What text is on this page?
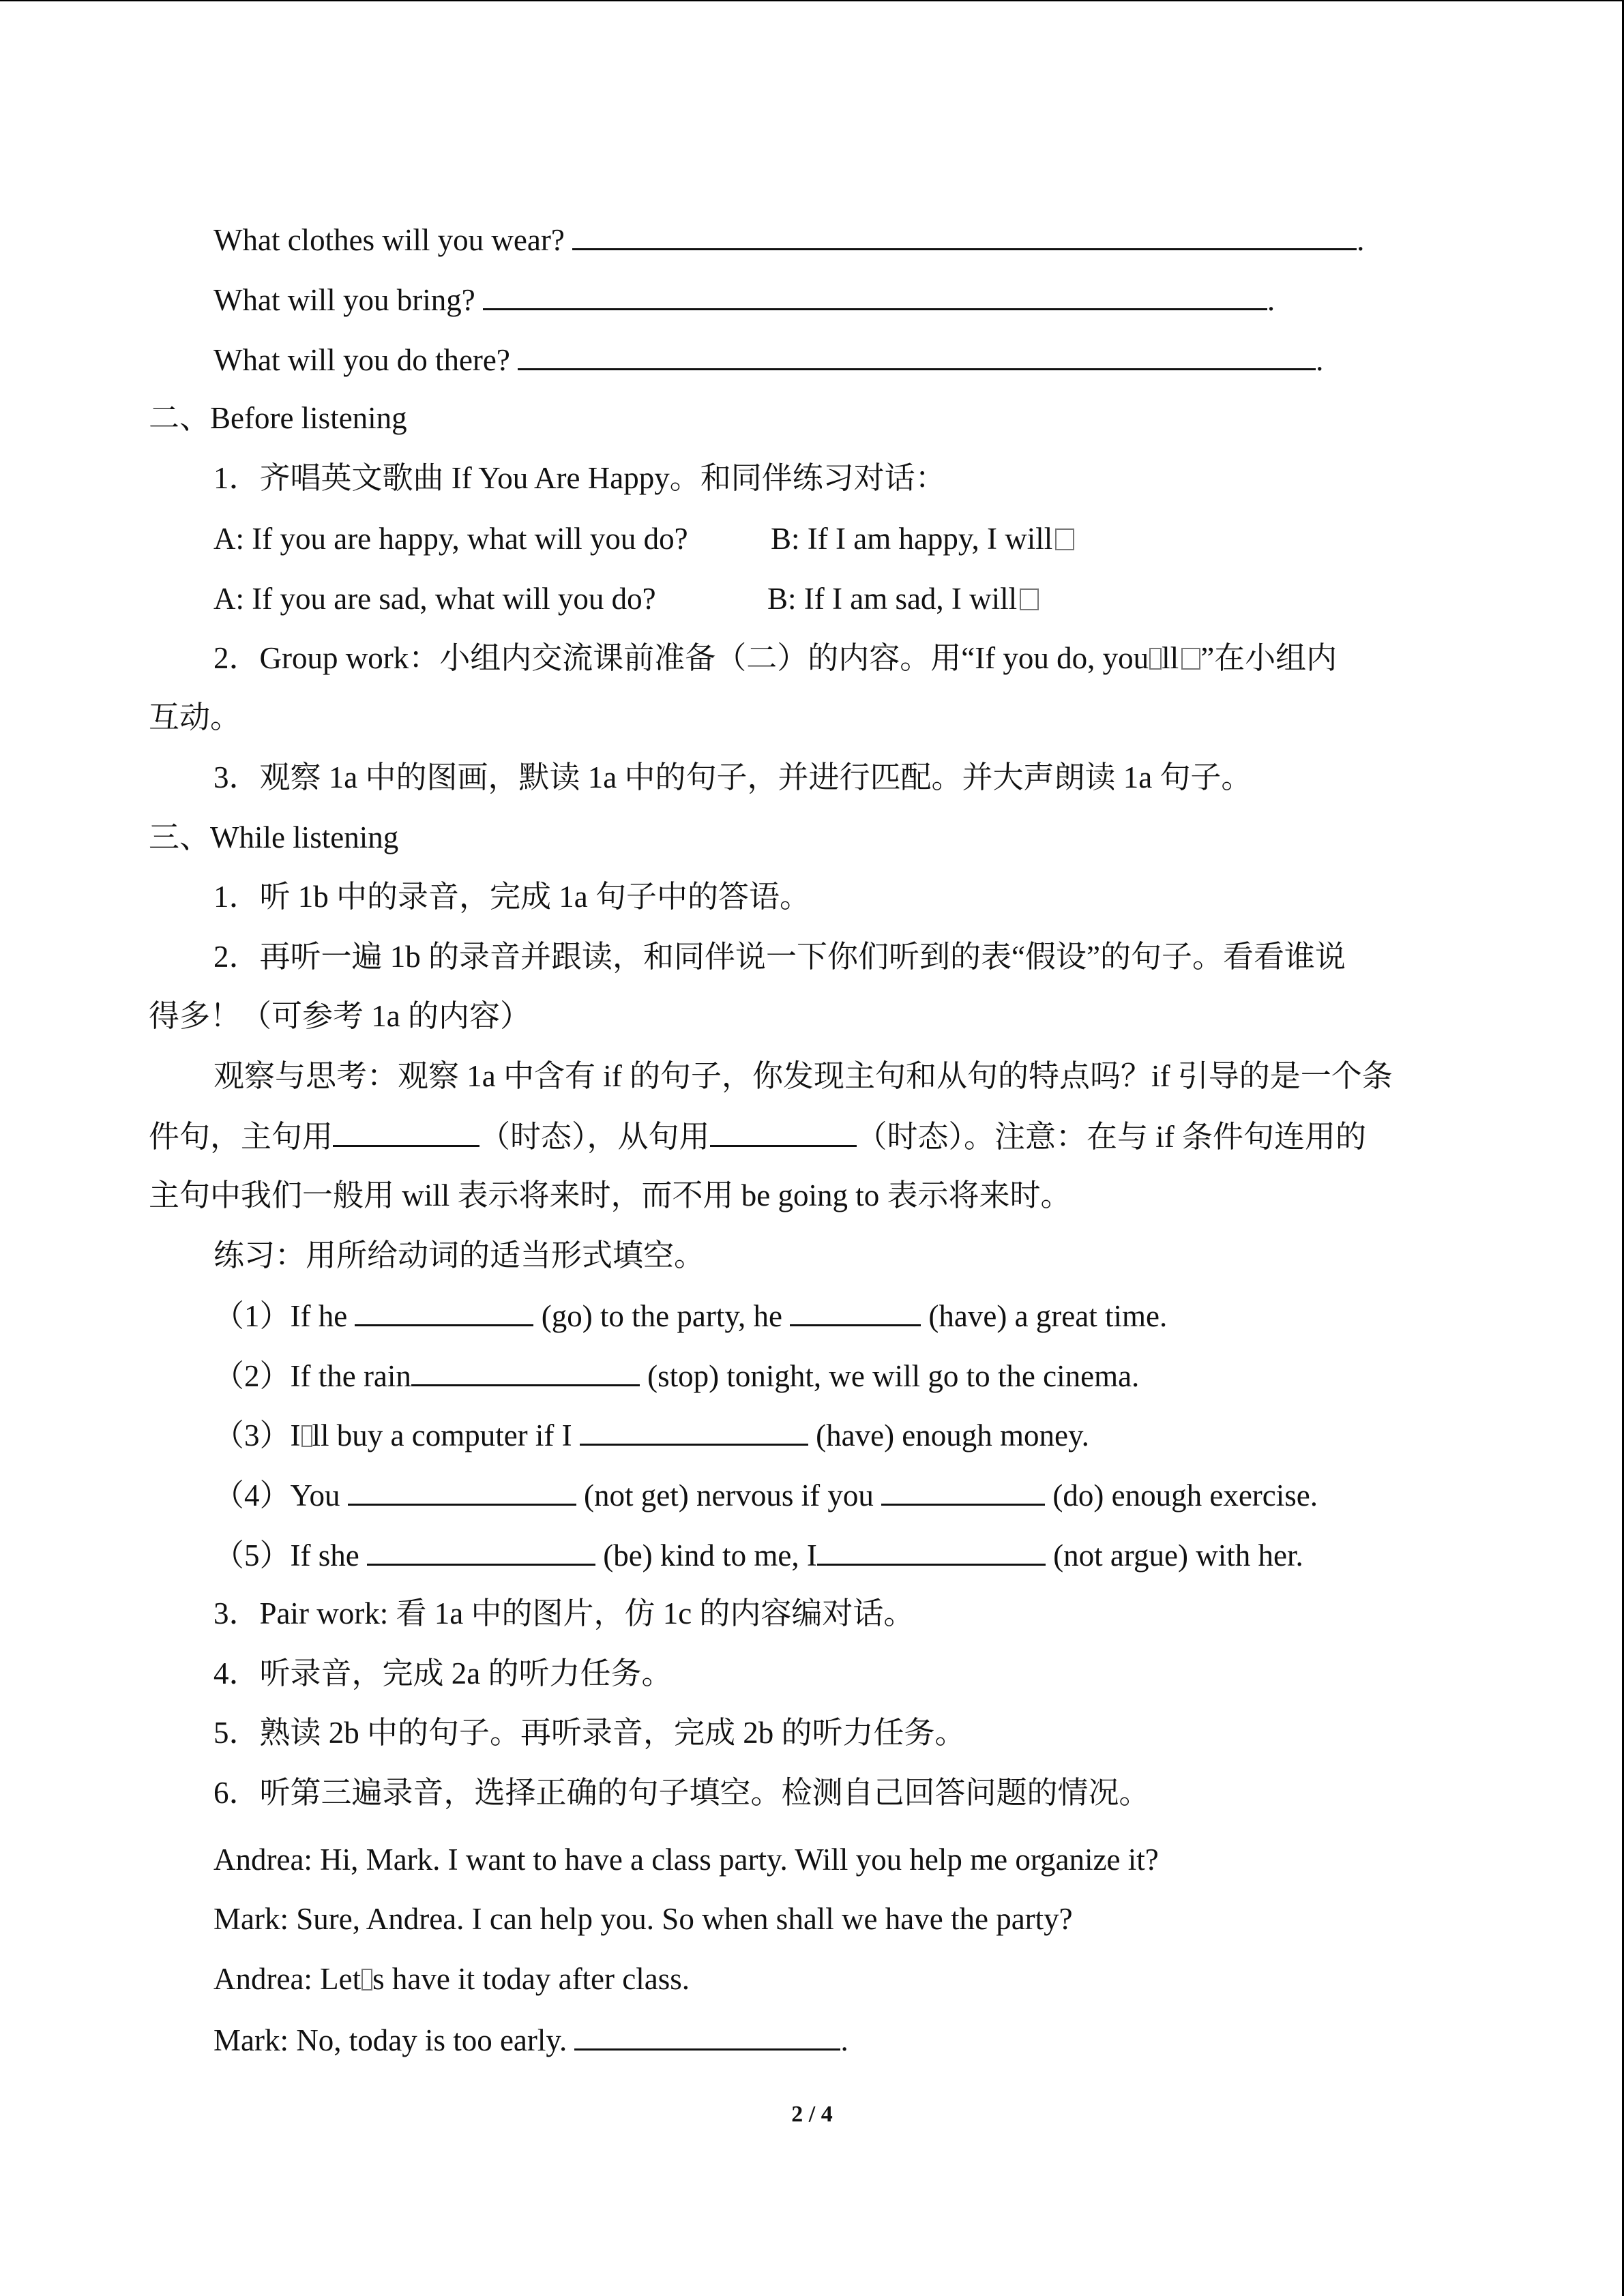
What clothes will you wear?	.
What will you bring?	.
What will you do there?	.
二、Before listening
1．齐唱英文歌曲 If You Are Happy。和同伴练习对话：
A: If you are happy, what will you do?	B: If I am happy, I will
A: If you are sad, what will you do?	B: If I am sad, I will
2．Group work：小组内交流课前准备（二）的内容。用“If you do, you ll ”在小组内
互动。
3．观察 1a 中的图画，默读 1a 中的句子，并进行匹配。并大声朗读 1a 句子。
三、While listening
1．听 1b 中的录音，完成 1a 句子中的答语。
2．再听一遍 1b 的录音并跟读，和同伴说一下你们听到的表“假设”的句子。看看谁说
得多！（可参考 1a 的内容）
观察与思考：观察 1a 中含有 if 的句子，你发现主句和从句的特点吗？if 引导的是一个条
件句，主句用	（时态），从句用	（时态）。注意：在与 if 条件句连用的
主句中我们一般用 will 表示将来时，而不用 be going to 表示将来时。
练习：用所给动词的适当形式填空。
（1）If he	(go) to the party, he	(have) a great time.
（2）If the rain	(stop) tonight, we will go to the cinema.
（3）I ll buy a computer if I	(have) enough money.
（4）You	(not get) nervous if you	(do) enough exercise.
（5）If she	(be) kind to me, I	(not argue) with her.
3．Pair work: 看 1a 中的图片，仿 1c 的内容编对话。
4．听录音，完成 2a 的听力任务。
5．熟读 2b 中的句子。再听录音，完成 2b 的听力任务。
6．听第三遍录音，选择正确的句子填空。检测自己回答问题的情况。
Andrea: Hi, Mark. I want to have a class party. Will you help me organize it?
Mark: Sure, Andrea. I can help you. So when shall we have the party?
Andrea: Let s have it today after class.
Mark: No, today is too early.	.
2 / 4
